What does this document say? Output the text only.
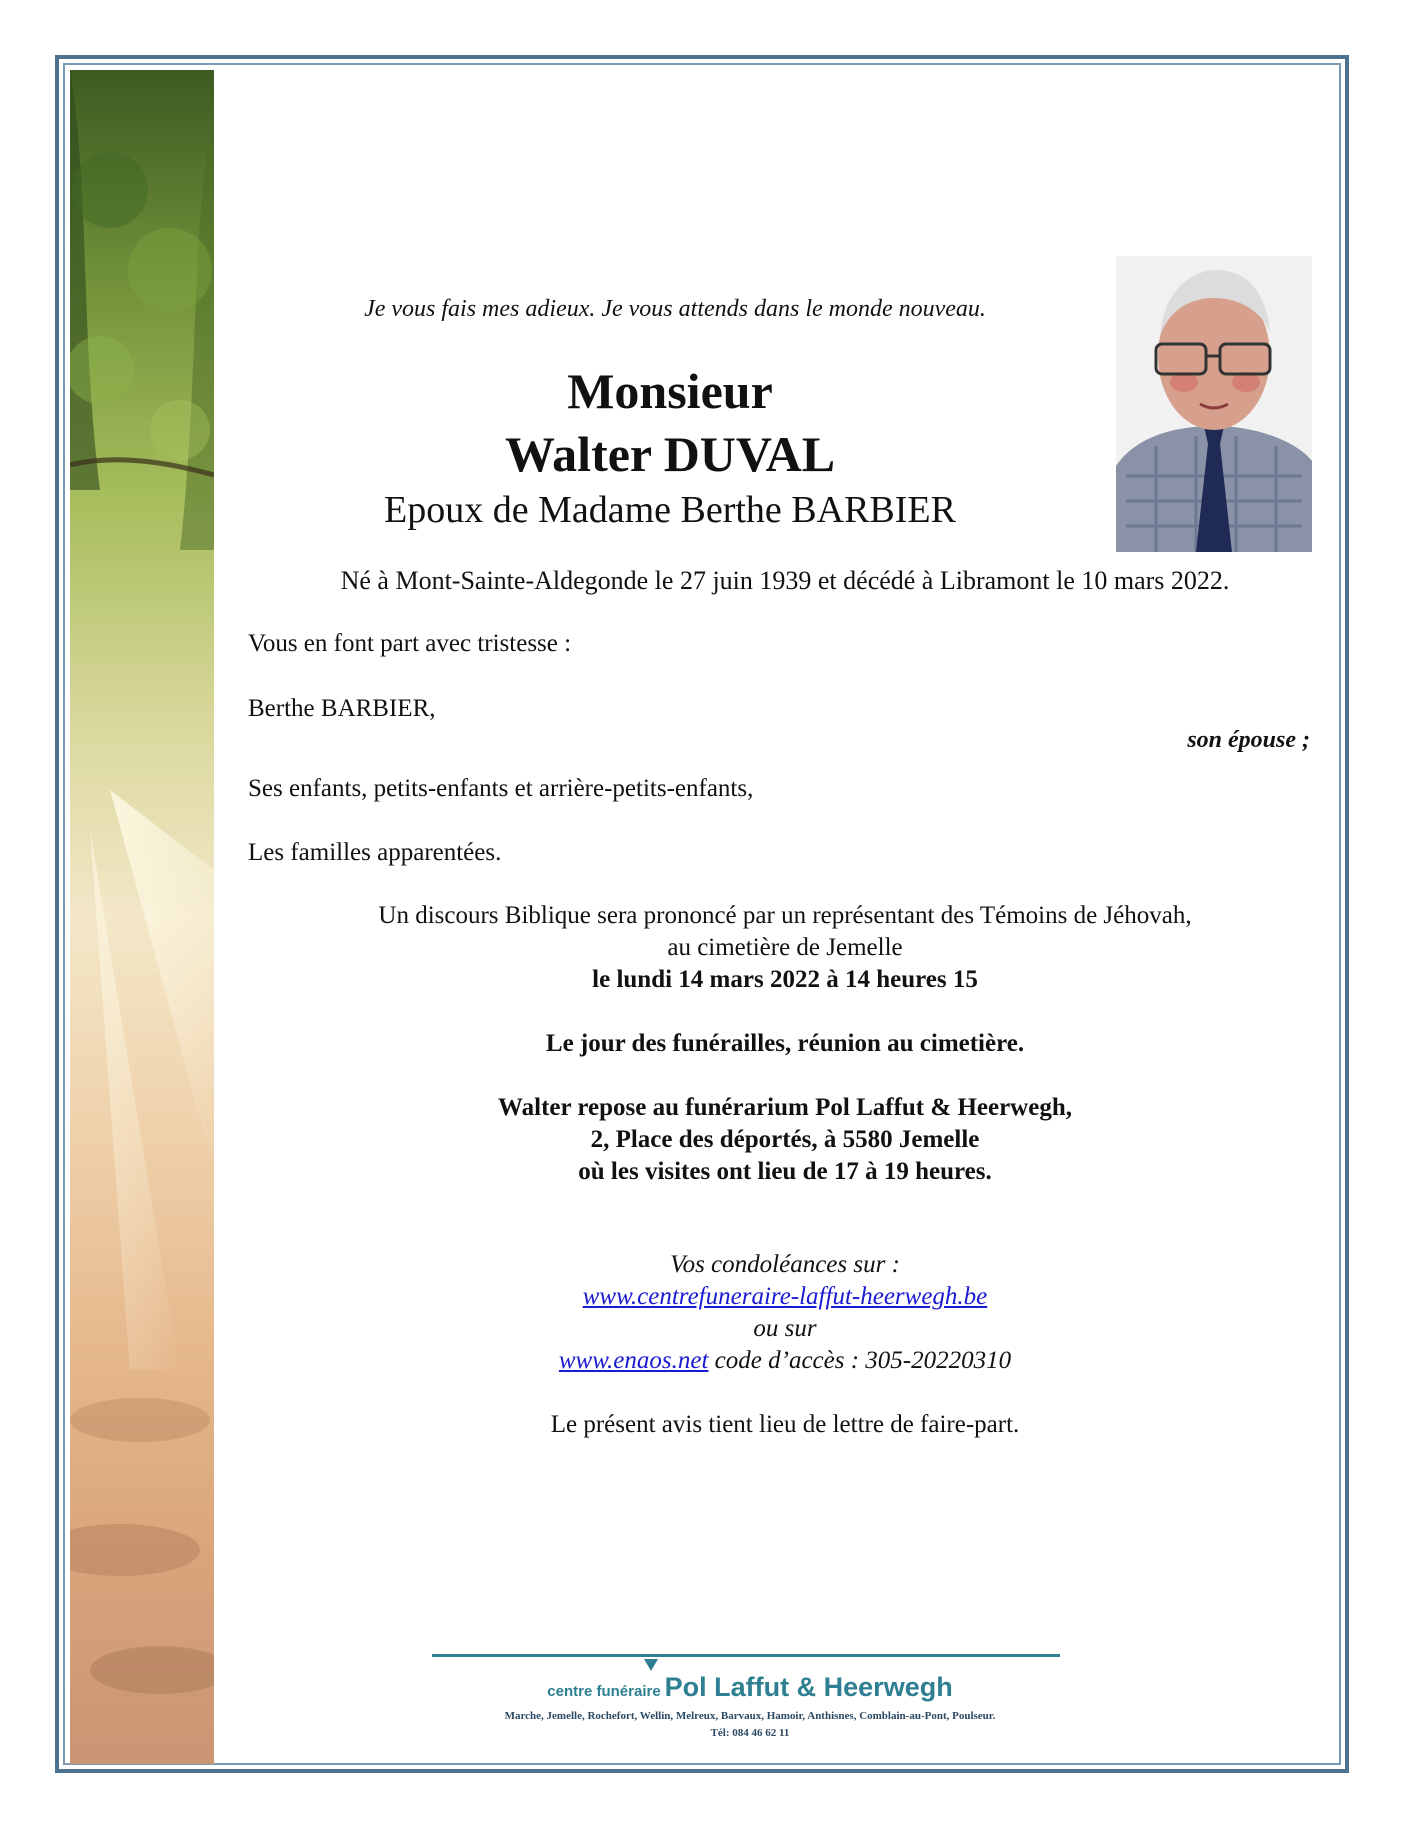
Je vous fais mes adieux. Je vous attends dans le monde nouveau.
Monsieur
Walter DUVAL
Epoux de Madame Berthe BARBIER
Né à Mont-Sainte-Aldegonde le 27 juin 1939 et décédé à Libramont le 10 mars 2022.
Vous en font part avec tristesse :
Berthe BARBIER,
son épouse ;
Ses enfants, petits-enfants et arrière-petits-enfants,
Les familles apparentées.
Un discours Biblique sera prononcé par un représentant des Témoins de Jéhovah,
au cimetière de Jemelle
le lundi 14 mars 2022 à 14 heures 15
Le jour des funérailles, réunion au cimetière.
Walter repose au funérarium Pol Laffut & Heerwegh,
2, Place des déportés, à 5580 Jemelle
où les visites ont lieu de 17 à 19 heures.
Vos condoléances sur :
www.centrefuneraire-laffut-heerwegh.be
ou sur
www.enaos.net code d’accès : 305-20220310
Le présent avis tient lieu de lettre de faire-part.
centre funéraire Pol Laffut & Heerwegh
Marche, Jemelle, Rochefort, Wellin, Melreux, Barvaux, Hamoir, Anthisnes, Comblain-au-Pont, Poulseur.
Tél: 084 46 62 11
